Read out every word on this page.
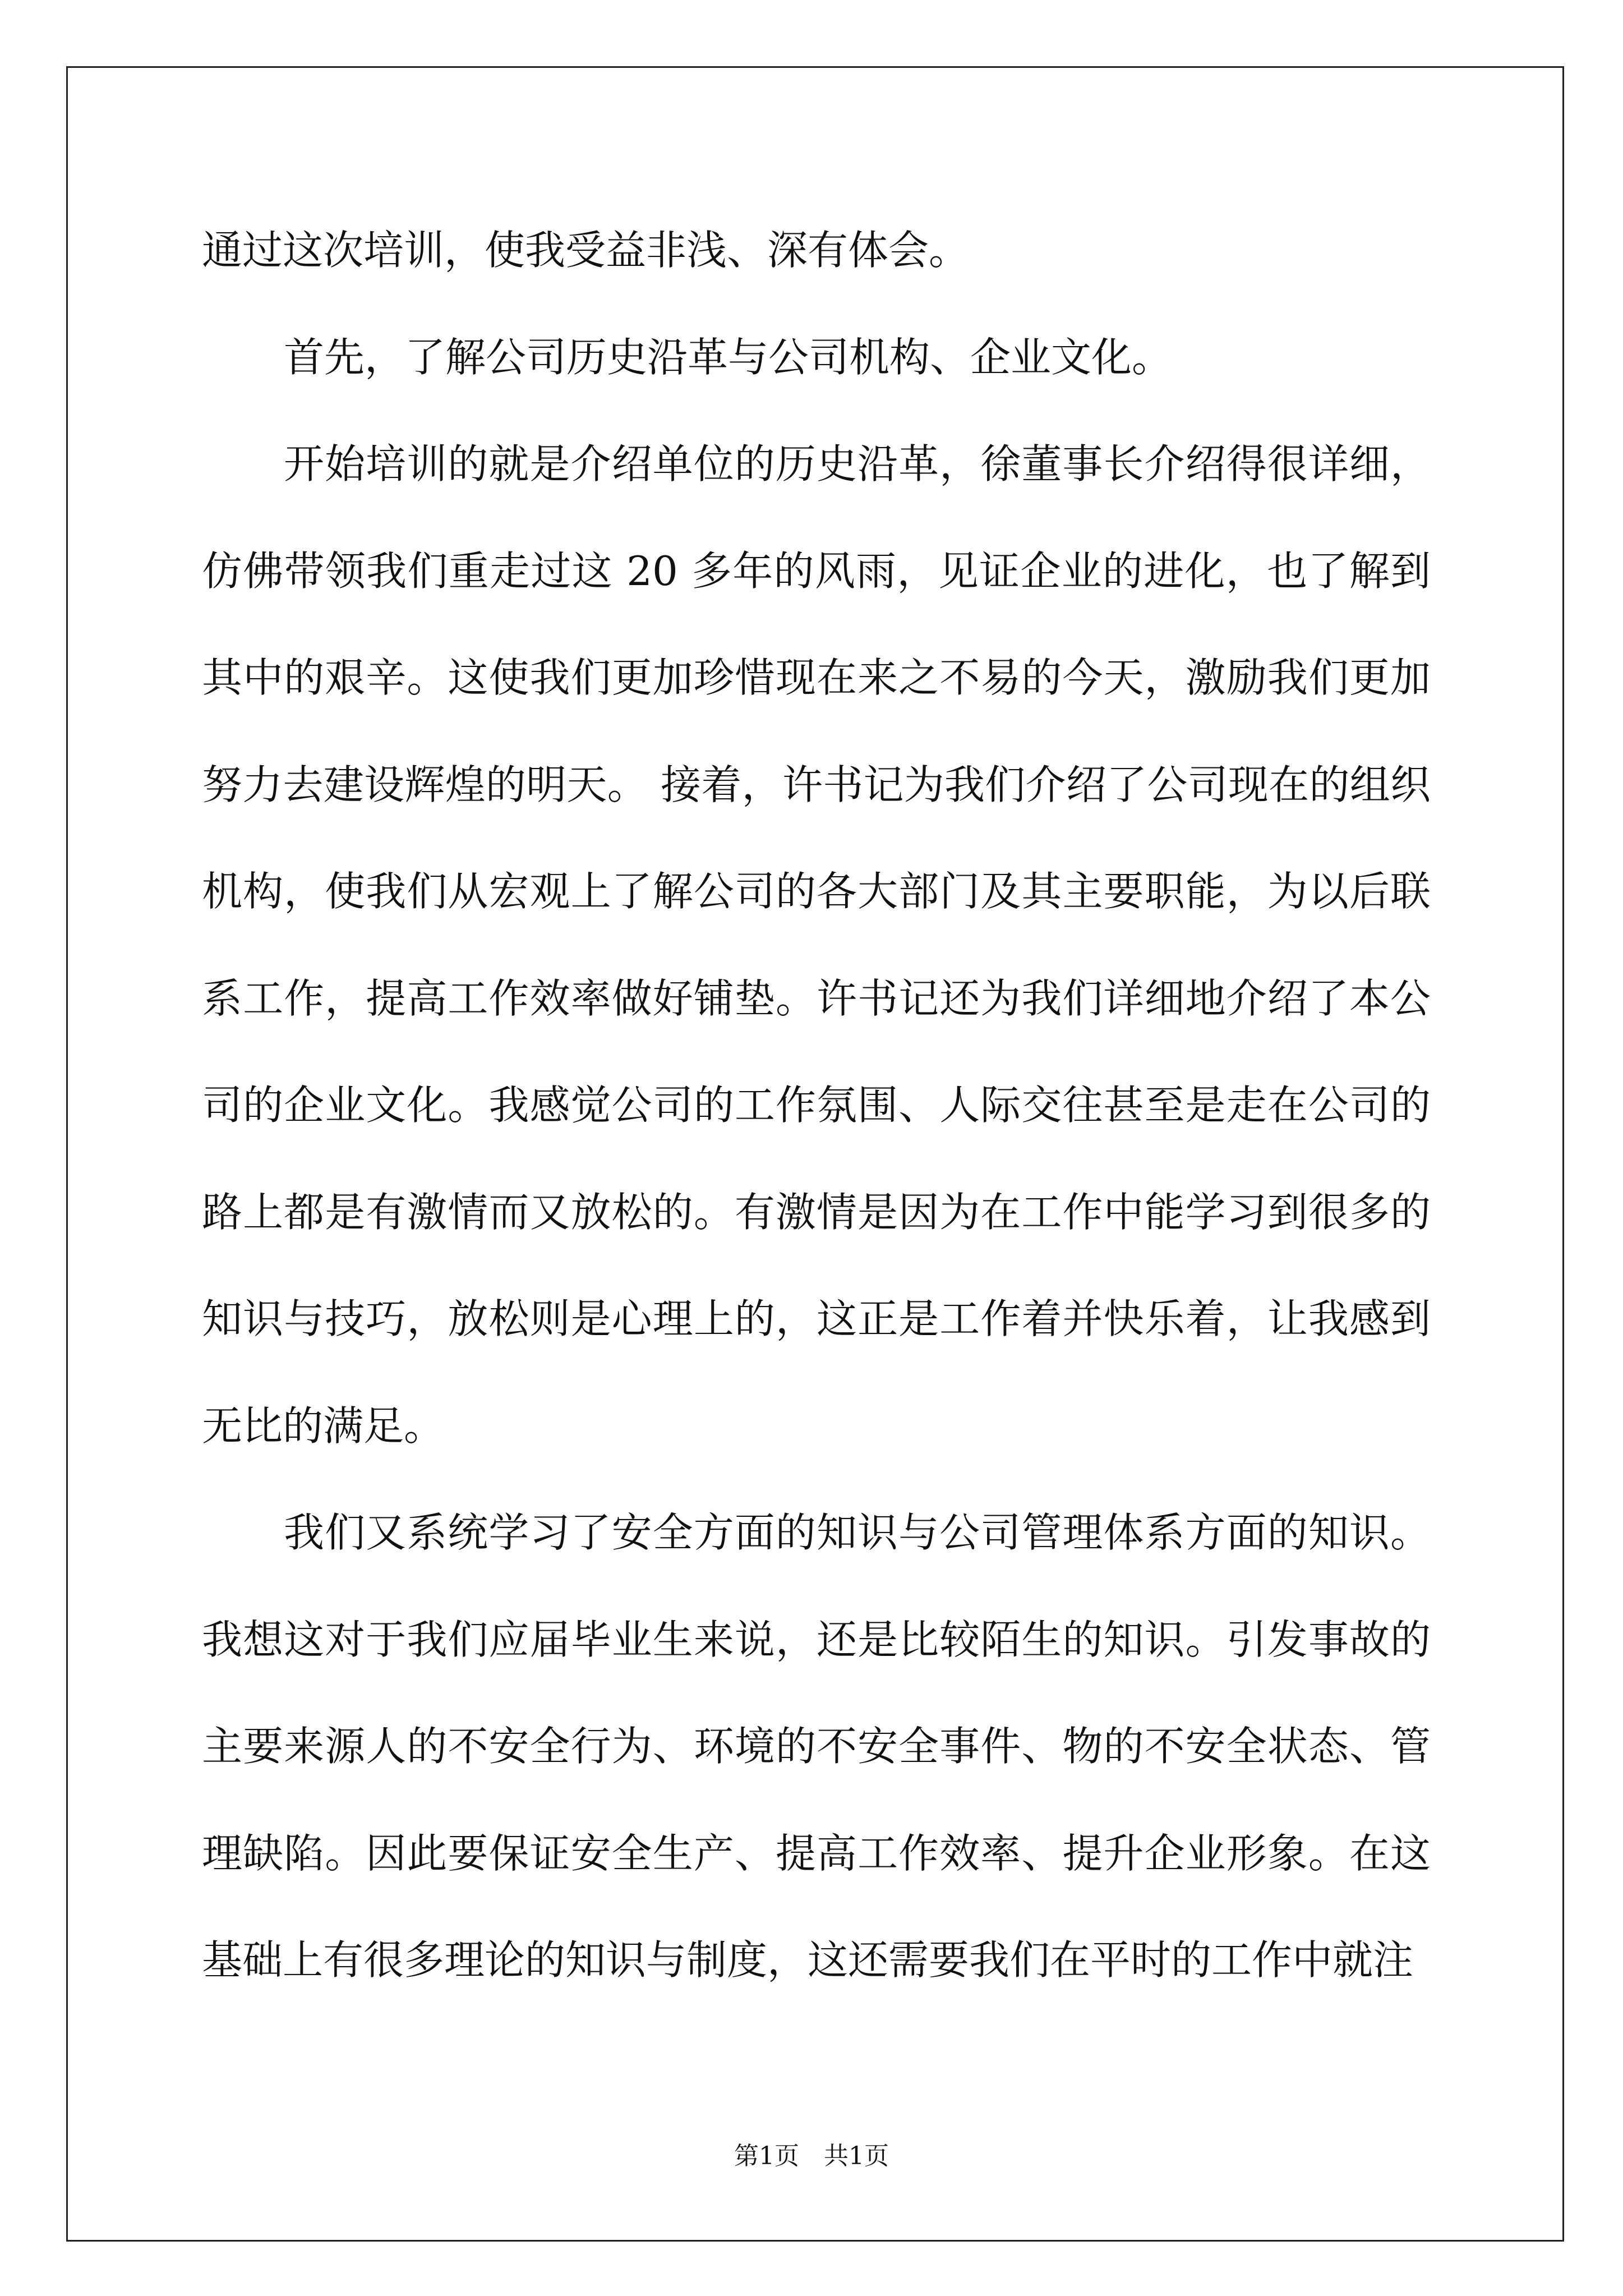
通过这次培训，使我受益非浅、深有体会。
首先，了解公司历史沿革与公司机构、企业文化。
开始培训的就是介绍单位的历史沿革，徐董事长介绍得很详细，
仿佛带领我们重走过这 20 多年的风雨，见证企业的进化，也了解到
其中的艰辛。这使我们更加珍惜现在来之不易的今天，激励我们更加
努力去建设辉煌的明天。 接着，许书记为我们介绍了公司现在的组织
机构，使我们从宏观上了解公司的各大部门及其主要职能，为以后联
系工作，提高工作效率做好铺垫。许书记还为我们详细地介绍了本公
司的企业文化。我感觉公司的工作氛围、人际交往甚至是走在公司的
路上都是有激情而又放松的。有激情是因为在工作中能学习到很多的
知识与技巧，放松则是心理上的，这正是工作着并快乐着，让我感到
无比的满足。
我们又系统学习了安全方面的知识与公司管理体系方面的知识。
我想这对于我们应届毕业生来说，还是比较陌生的知识。引发事故的
主要来源人的不安全行为、环境的不安全事件、物的不安全状态、管
理缺陷。因此要保证安全生产、提高工作效率、提升企业形象。在这
基础上有很多理论的知识与制度，这还需要我们在平时的工作中就注
第1页　共1页
